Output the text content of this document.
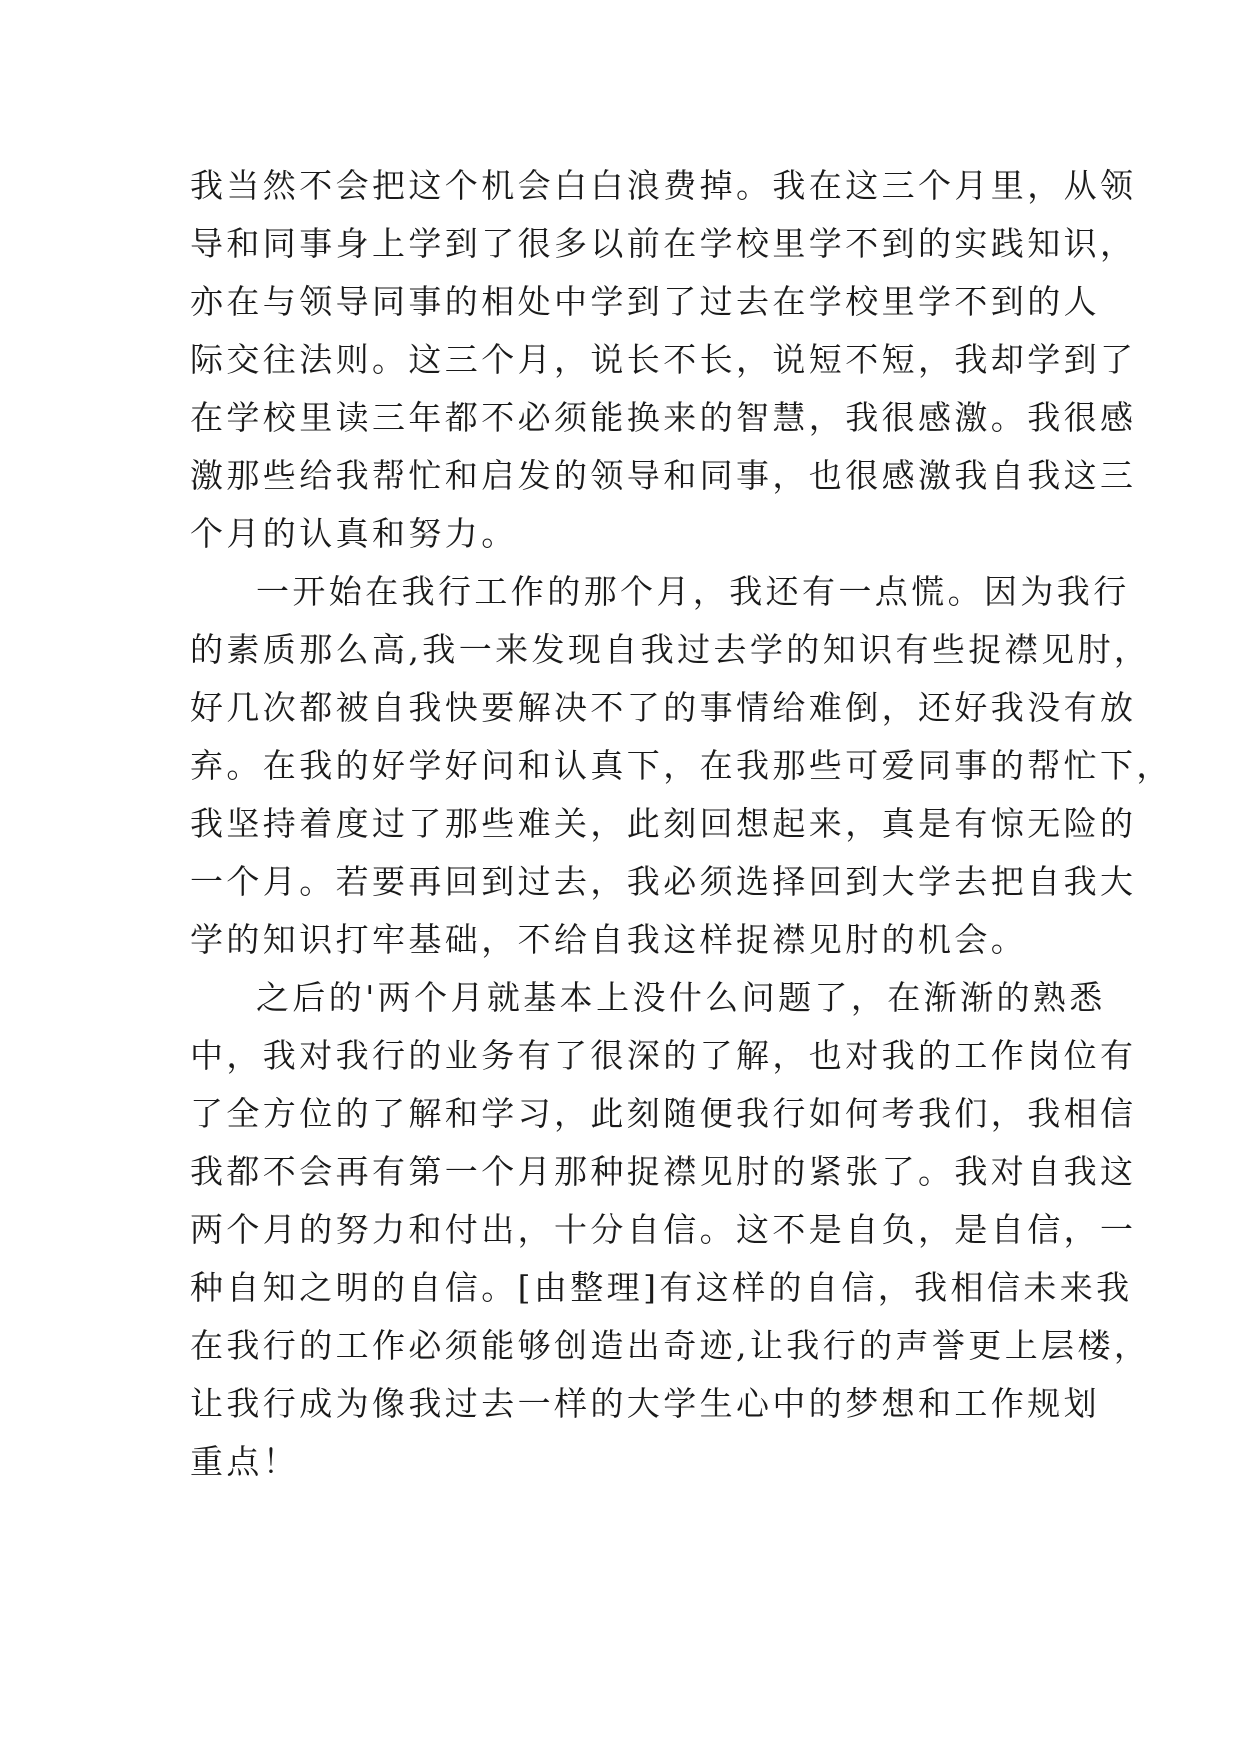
我当然不会把这个机会白白浪费掉。我在这三个月里，从领
导和同事身上学到了很多以前在学校里学不到的实践知识，
亦在与领导同事的相处中学到了过去在学校里学不到的人
际交往法则。这三个月，说长不长，说短不短，我却学到了
在学校里读三年都不必须能换来的智慧，我很感激。我很感
激那些给我帮忙和启发的领导和同事，也很感激我自我这三
个月的认真和努力。
一开始在我行工作的那个月，我还有一点慌。因为我行
的素质那么高,我一来发现自我过去学的知识有些捉襟见肘，
好几次都被自我快要解决不了的事情给难倒，还好我没有放
弃。在我的好学好问和认真下，在我那些可爱同事的帮忙下，
我坚持着度过了那些难关，此刻回想起来，真是有惊无险的
一个月。若要再回到过去，我必须选择回到大学去把自我大
学的知识打牢基础，不给自我这样捉襟见肘的机会。
之后的'两个月就基本上没什么问题了，在渐渐的熟悉
中，我对我行的业务有了很深的了解，也对我的工作岗位有
了全方位的了解和学习，此刻随便我行如何考我们，我相信
我都不会再有第一个月那种捉襟见肘的紧张了。我对自我这
两个月的努力和付出，十分自信。这不是自负，是自信，一
种自知之明的自信。[由整理]有这样的自信，我相信未来我
在我行的工作必须能够创造出奇迹,让我行的声誉更上层楼，
让我行成为像我过去一样的大学生心中的梦想和工作规划
重点！
